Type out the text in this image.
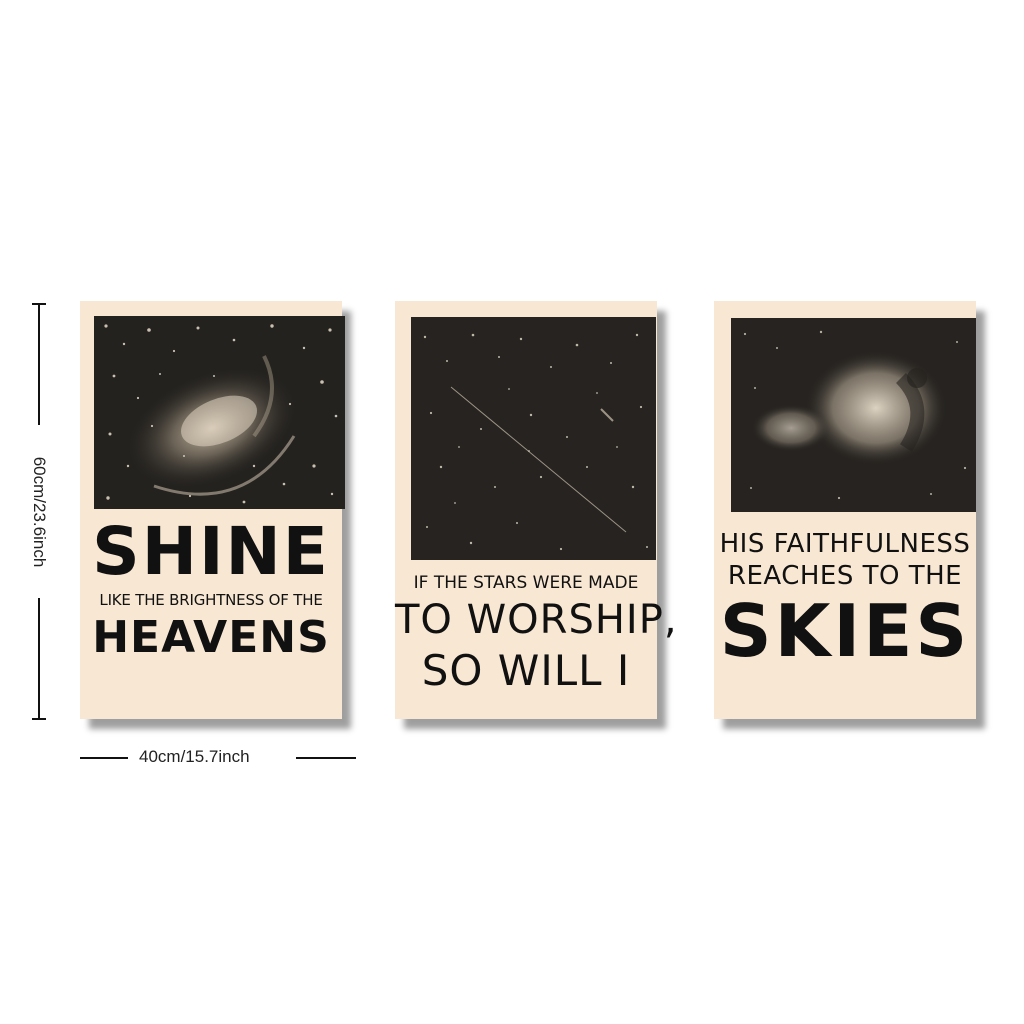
60cm/23.6inch
40cm/15.7inch
SHINE
LIKE THE BRIGHTNESS OF THE
HEAVENS
IF THE STARS WERE MADE
TO WORSHIP,
SO WILL I
HIS FAITHFULNESS
REACHES TO THE
SKIES
